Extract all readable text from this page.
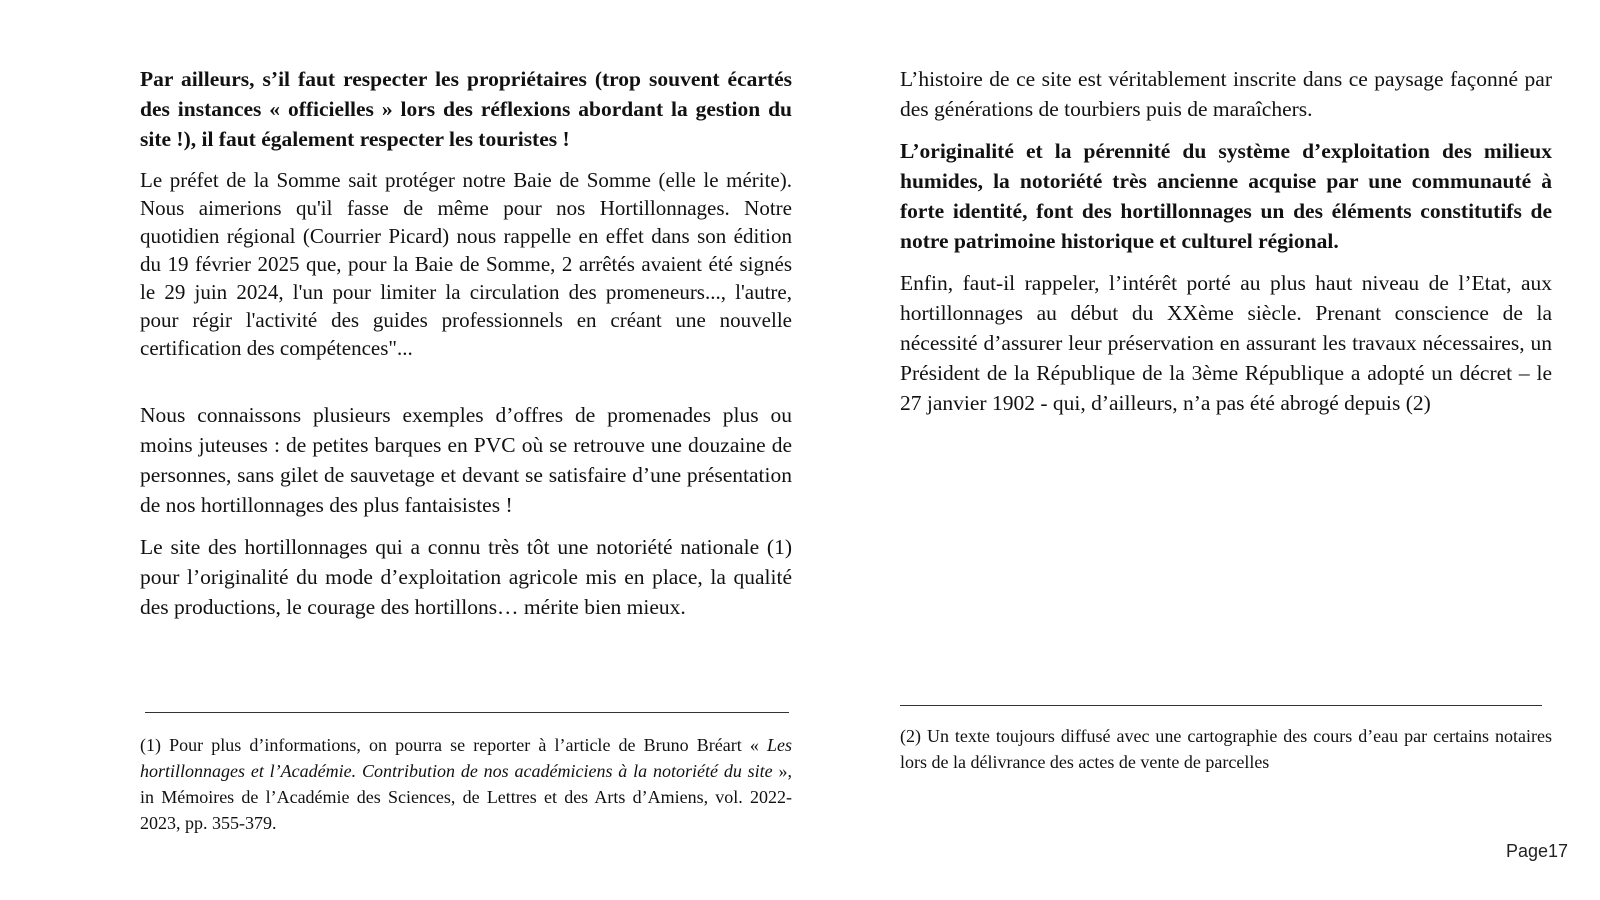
Par ailleurs, s’il faut respecter les propriétaires (trop souvent écartés des instances « officielles » lors des réflexions abordant la gestion du site !), il faut également respecter les touristes !

Le préfet de la Somme sait protéger notre Baie de Somme (elle le mérite). Nous aimerions qu'il fasse de même pour nos Hortillonnages. Notre quotidien régional (Courrier Picard) nous rappelle en effet dans son édition du 19 février 2025 que, pour la Baie de Somme, 2 arrêtés avaient été signés le 29 juin 2024, l'un pour limiter la circulation des promeneurs..., l'autre, pour régir l'activité des guides professionnels en créant une nouvelle certification des compétences"...

Nous connaissons plusieurs exemples d’offres de promenades plus ou moins juteuses : de petites barques en PVC où se retrouve une douzaine de personnes, sans gilet de sauvetage et devant se satisfaire d’une présentation de nos hortillonnages des plus fantaisistes !

Le site des hortillonnages qui a connu très tôt une notoriété nationale (1) pour l’originalité du mode d’exploitation agricole mis en place, la qualité des productions, le courage des hortillons… mérite bien mieux.

(1) Pour plus d’informations, on pourra se reporter à l’article de Bruno Bréart « Les hortillonnages et l’Académie. Contribution de nos académiciens à la notoriété du site », in Mémoires de l’Académie des Sciences, de Lettres et des Arts d’Amiens, vol. 2022-2023, pp. 355-379.

L’histoire de ce site est véritablement inscrite dans ce paysage façonné par des générations de tourbiers puis de maraîchers.

L’originalité et la pérennité du système d’exploitation des milieux humides, la notoriété très ancienne acquise par une communauté à forte identité, font des hortillonnages un des éléments constitutifs de notre patrimoine historique et culturel régional.

Enfin, faut-il rappeler, l’intérêt porté au plus haut niveau de l’Etat, aux hortillonnages au début du XXème siècle. Prenant conscience de la nécessité d’assurer leur préservation en assurant les travaux nécessaires, un Président de la République de la 3ème République a adopté un décret – le 27 janvier 1902 - qui, d’ailleurs, n’a pas été abrogé depuis (2)

(2) Un texte toujours diffusé avec une cartographie des cours d’eau par certains notaires lors de la délivrance des actes de vente de parcelles

Page17
